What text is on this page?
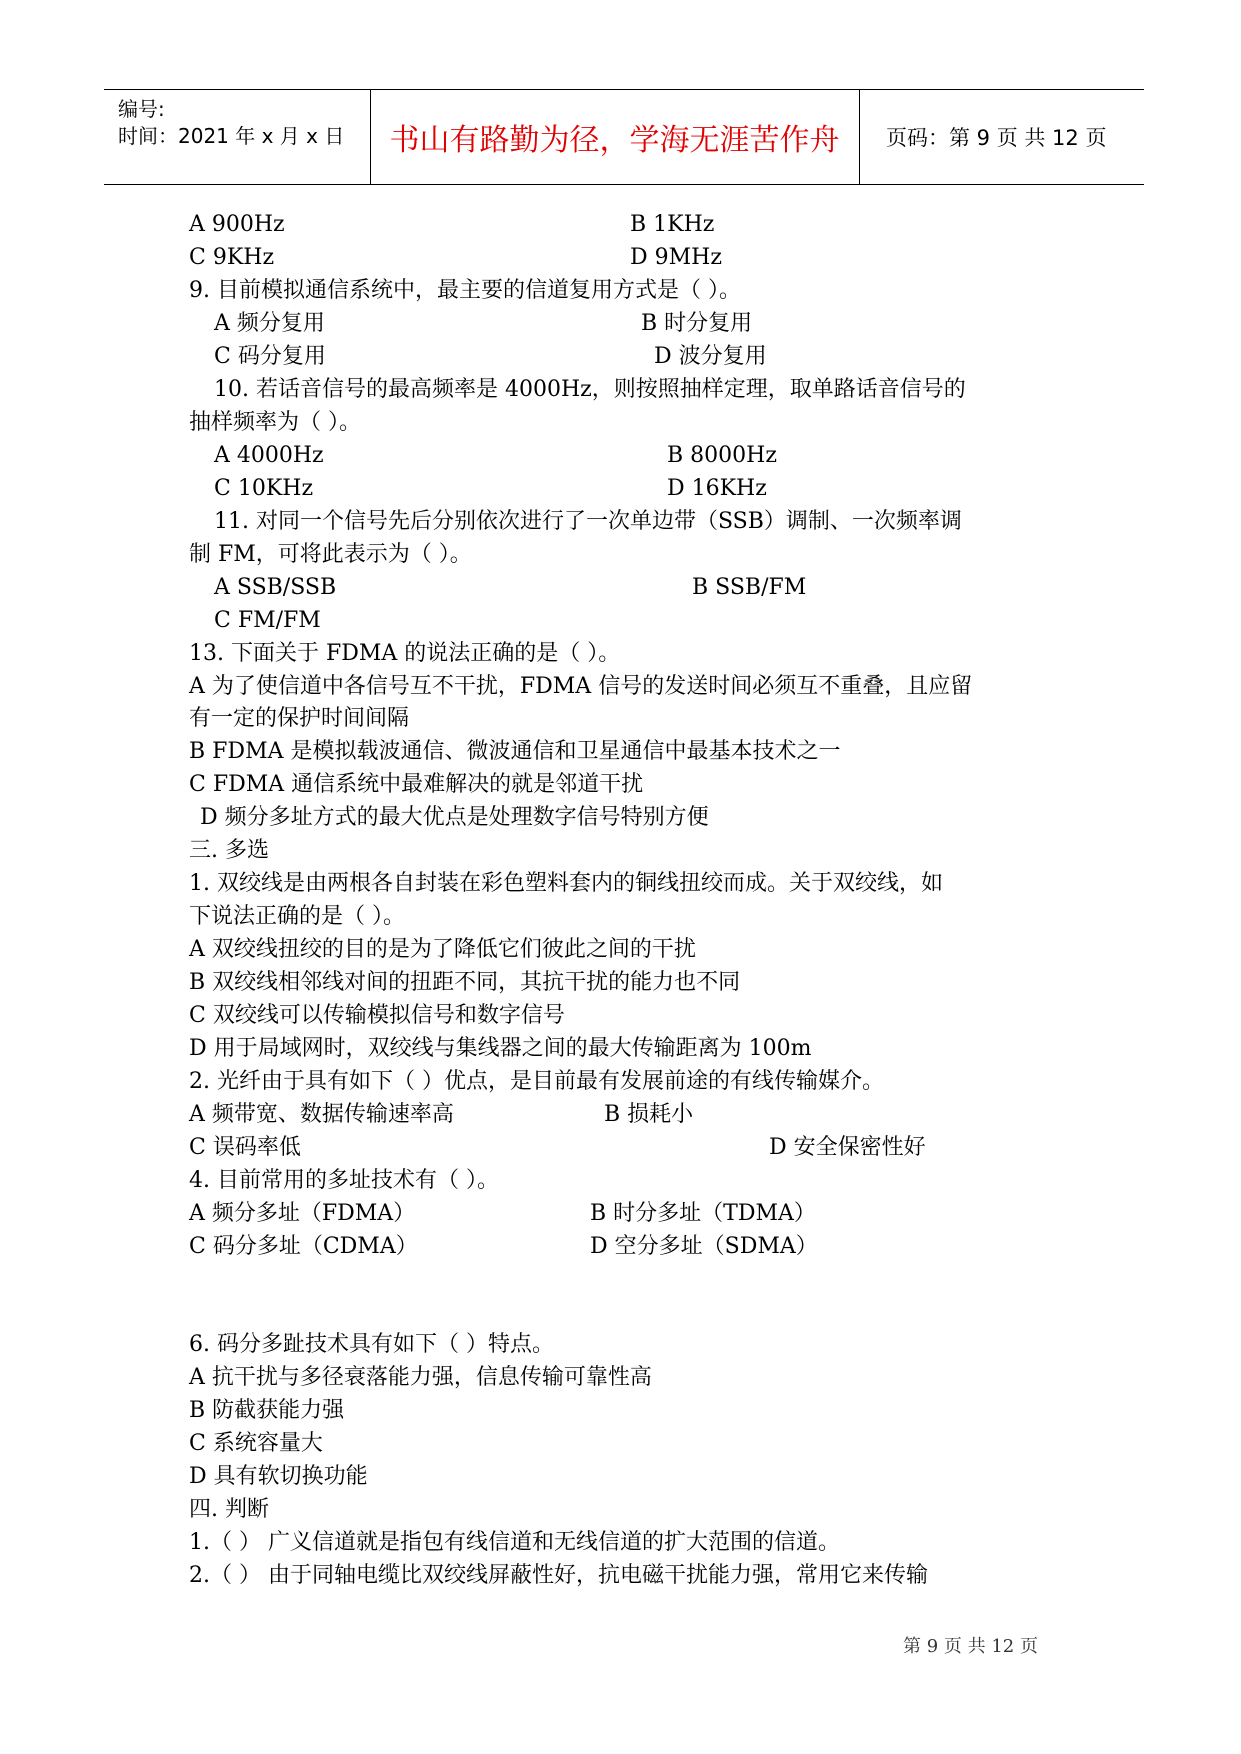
编号:
时间：2021 年 x 月 x 日	书山有路勤为径，学海无涯苦作舟	页码：第 9 页 共 12 页
A 900Hz	B 1KHz
C 9KHz	D 9MHz
9. 目前模拟通信系统中，最主要的信道复用方式是（ ）。
A 频分复用	B 时分复用
C 码分复用	D 波分复用
10. 若话音信号的最高频率是 4000Hz，则按照抽样定理，取单路话音信号的
抽样频率为（ ）。
A 4000Hz	B 8000Hz
C 10KHz	D 16KHz
11. 对同一个信号先后分别依次进行了一次单边带（SSB）调制、一次频率调
制 FM，可将此表示为（ ）。
A SSB/SSB	B SSB/FM
C FM/FM
13. 下面关于 FDMA 的说法正确的是（ ）。
A 为了使信道中各信号互不干扰，FDMA 信号的发送时间必须互不重叠，且应留
有一定的保护时间间隔
B FDMA 是模拟载波通信、微波通信和卫星通信中最基本技术之一
C FDMA 通信系统中最难解决的就是邻道干扰
D 频分多址方式的最大优点是处理数字信号特别方便
三. 多选
1. 双绞线是由两根各自封装在彩色塑料套内的铜线扭绞而成。关于双绞线，如
下说法正确的是（ ）。
A 双绞线扭绞的目的是为了降低它们彼此之间的干扰
B 双绞线相邻线对间的扭距不同，其抗干扰的能力也不同
C 双绞线可以传输模拟信号和数字信号
D 用于局域网时，双绞线与集线器之间的最大传输距离为 100m
2. 光纤由于具有如下（ ）优点，是目前最有发展前途的有线传输媒介。
A 频带宽、数据传输速率高	B 损耗小
C 误码率低	D 安全保密性好
4. 目前常用的多址技术有（ ）。
A 频分多址（FDMA）	B 时分多址（TDMA）
C 码分多址（CDMA）	D 空分多址（SDMA）
6. 码分多趾技术具有如下（ ）特点。
A 抗干扰与多径衰落能力强，信息传输可靠性高
B 防截获能力强
C 系统容量大
D 具有软切换功能
四. 判断
1.（ ） 广义信道就是指包有线信道和无线信道的扩大范围的信道。
2.（ ） 由于同轴电缆比双绞线屏蔽性好，抗电磁干扰能力强，常用它来传输
第 9 页 共 12 页
